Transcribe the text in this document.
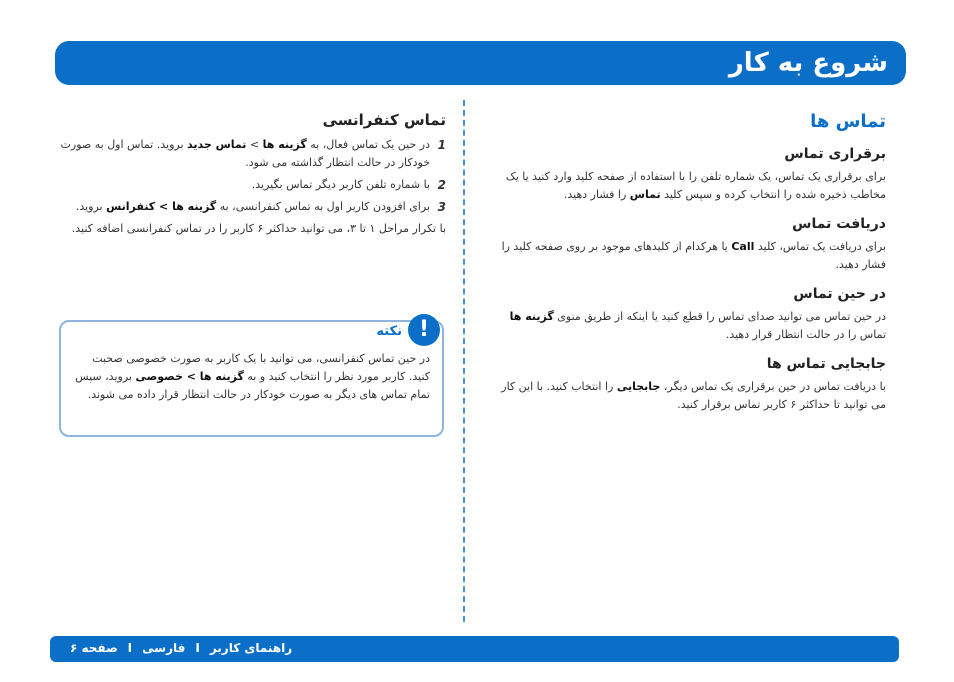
شروع به کار
تماس ها
برقراری تماس
برای برقراری یک تماس، یک شماره تلفن را با استفاده از صفحه کلید وارد کنید یا یک مخاطب ذخیره شده را انتخاب کرده و سپس کلید تماس را فشار دهید.
دریافت تماس
برای دریافت یک تماس، کلید Call یا هرکدام از کلیدهای موجود بر روی صفحه کلید را فشار دهید.
در حین تماس
در حین تماس می توانید صدای تماس را قطع کنید یا اینکه از طریق منوی گزینه ها تماس را در حالت انتظار قرار دهید.
جابجایی تماس ها
با دریافت تماس در حین برقراری یک تماس دیگر، جابجایی را انتخاب کنید. با این کار می توانید تا حداکثر ۶ کاربر تماس برقرار کنید.
تماس کنفرانسی
1
در حین یک تماس فعال، به گزینه ها > تماس جدید بروید. تماس اول به صورت خودکار در حالت انتظار گذاشته می شود.
2
با شماره تلفن کاربر دیگر تماس بگیرید.
3
برای افزودن کاربر اول به تماس کنفرانسی، به گزینه ها > کنفرانس بروید.
با تکرار مراحل ۱ تا ۳، می توانید حداکثر ۶ کاربر را در تماس کنفرانسی اضافه کنید.
!
نکته
در حین تماس کنفرانسی، می توانید با یک کاربر به صورت خصوصی صحبت کنید. کاربر مورد نظر را انتخاب کنید و به گزینه ها > خصوصی بروید، سپس تمام تماس های دیگر به صورت خودکار در حالت انتظار قرار داده می شوند.
راهنمای کاربرIفارسیIصفحه ۶
